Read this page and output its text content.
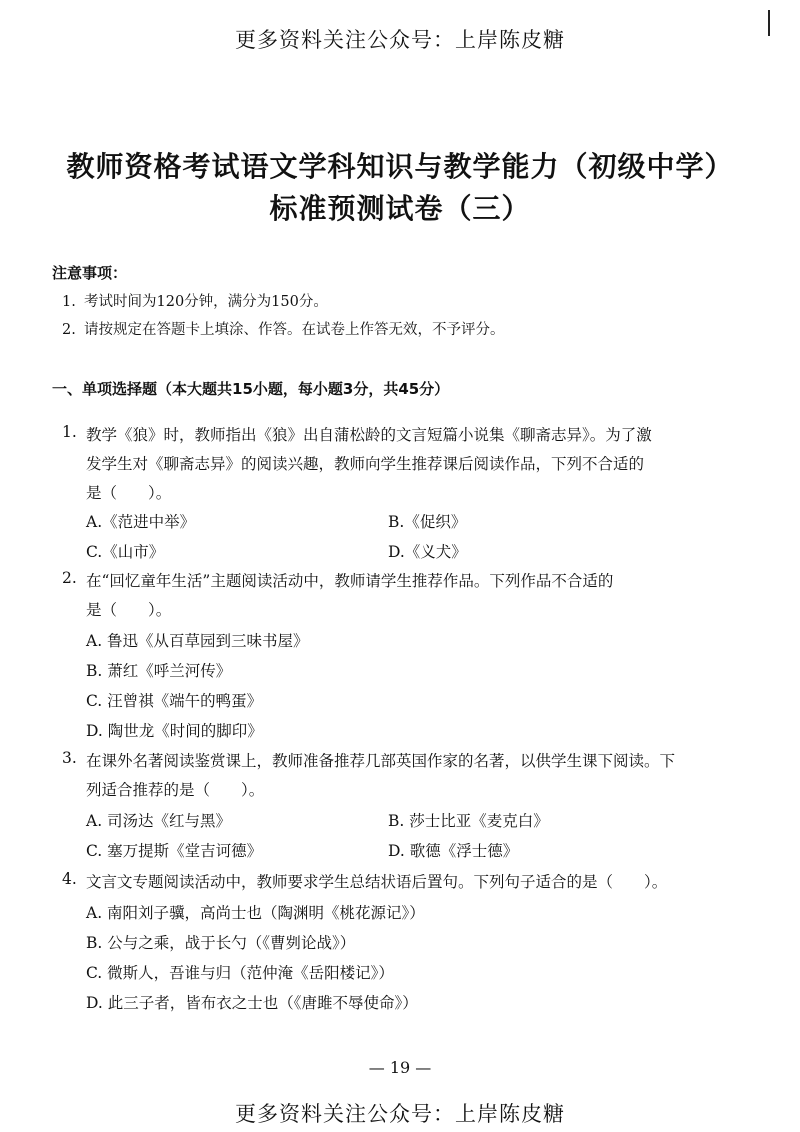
更多资料关注公众号：上岸陈皮糖
教师资格考试语文学科知识与教学能力（初级中学）
标准预测试卷（三）
注意事项：
1. 考试时间为120分钟，满分为150分。
2. 请按规定在答题卡上填涂、作答。在试卷上作答无效，不予评分。
一、单项选择题（本大题共15小题，每小题3分，共45分）
1. 教学《狼》时，教师指出《狼》出自蒲松龄的文言短篇小说集《聊斋志异》。为了激
发学生对《聊斋志异》的阅读兴趣，教师向学生推荐课后阅读作品，下列不合适的
是（　　）。
A.《范进中举》	B.《促织》
C.《山市》	D.《义犬》
2. 在“回忆童年生活”主题阅读活动中，教师请学生推荐作品。下列作品不合适的
是（　　）。
A. 鲁迅《从百草园到三味书屋》
B. 萧红《呼兰河传》
C. 汪曾祺《端午的鸭蛋》
D. 陶世龙《时间的脚印》
3. 在课外名著阅读鉴赏课上，教师准备推荐几部英国作家的名著，以供学生课下阅读。下
列适合推荐的是（　　）。
A. 司汤达《红与黑》	B. 莎士比亚《麦克白》
C. 塞万提斯《堂吉诃德》	D. 歌德《浮士德》
4. 文言文专题阅读活动中，教师要求学生总结状语后置句。下列句子适合的是（　　）。
A. 南阳刘子骥，高尚士也（陶渊明《桃花源记》）
B. 公与之乘，战于长勺（《曹刿论战》）
C. 微斯人，吾谁与归（范仲淹《岳阳楼记》）
D. 此三子者，皆布衣之士也（《唐雎不辱使命》）
— 19 —
更多资料关注公众号：上岸陈皮糖
